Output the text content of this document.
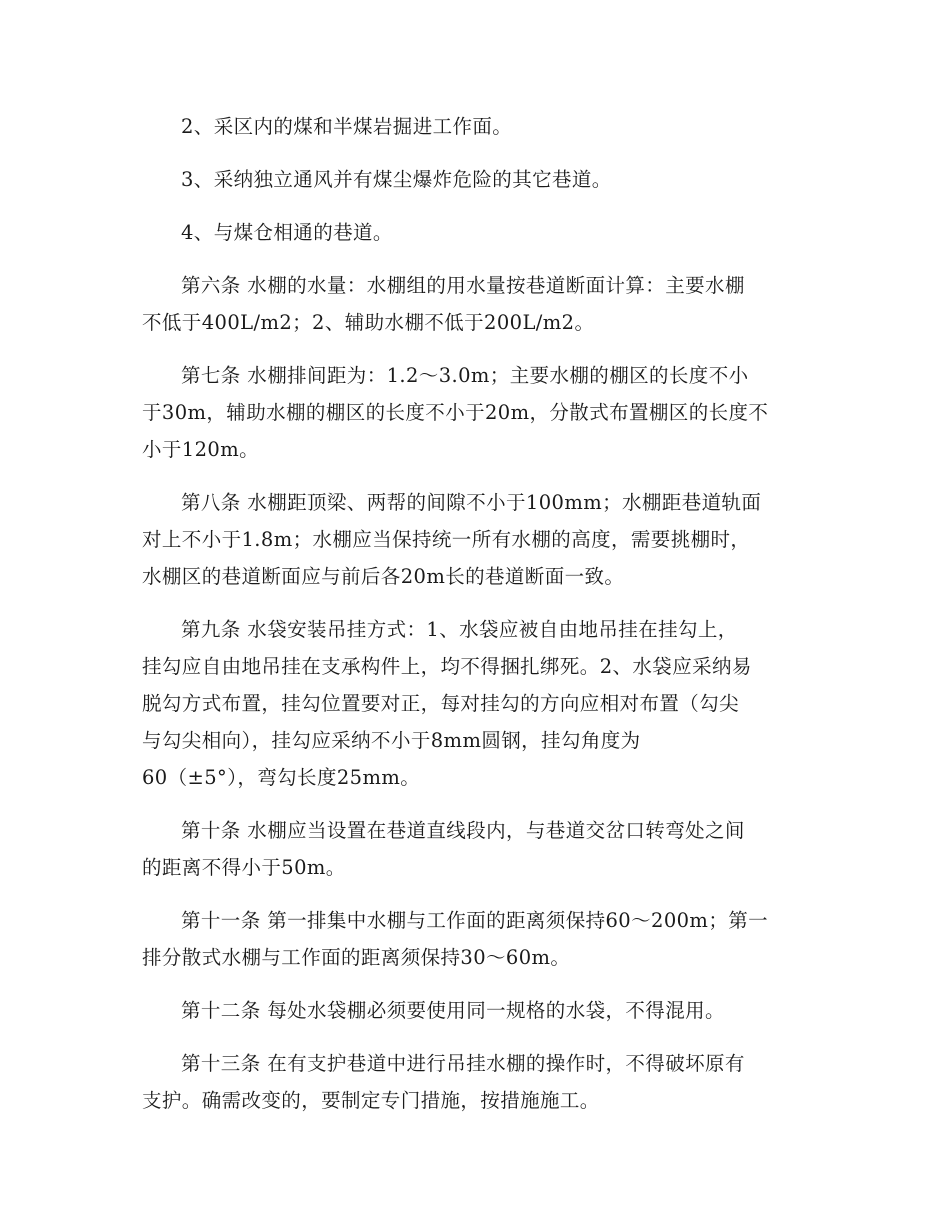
2、采区内的煤和半煤岩掘进工作面。

3、采纳独立通风并有煤尘爆炸危险的其它巷道。

4、与煤仓相通的巷道。

第六条 水棚的水量：水棚组的用水量按巷道断面计算：主要水棚
不低于400L/m2；2、辅助水棚不低于200L/m2。

第七条 水棚排间距为：1.2～3.0m；主要水棚的棚区的长度不小
于30m，辅助水棚的棚区的长度不小于20m，分散式布置棚区的长度不
小于120m。

第八条 水棚距顶梁、两帮的间隙不小于100mm；水棚距巷道轨面
对上不小于1.8m；水棚应当保持统一所有水棚的高度，需要挑棚时，
水棚区的巷道断面应与前后各20m长的巷道断面一致。

第九条 水袋安装吊挂方式：1、水袋应被自由地吊挂在挂勾上，
挂勾应自由地吊挂在支承构件上，均不得捆扎绑死。2、水袋应采纳易
脱勾方式布置，挂勾位置要对正，每对挂勾的方向应相对布置（勾尖
与勾尖相向），挂勾应采纳不小于8mm圆钢，挂勾角度为
60（±5°），弯勾长度25mm。

第十条 水棚应当设置在巷道直线段内，与巷道交岔口转弯处之间
的距离不得小于50m。

第十一条 第一排集中水棚与工作面的距离须保持60～200m；第一
排分散式水棚与工作面的距离须保持30～60m。

第十二条 每处水袋棚必须要使用同一规格的水袋，不得混用。

第十三条 在有支护巷道中进行吊挂水棚的操作时，不得破坏原有
支护。确需改变的，要制定专门措施，按措施施工。
